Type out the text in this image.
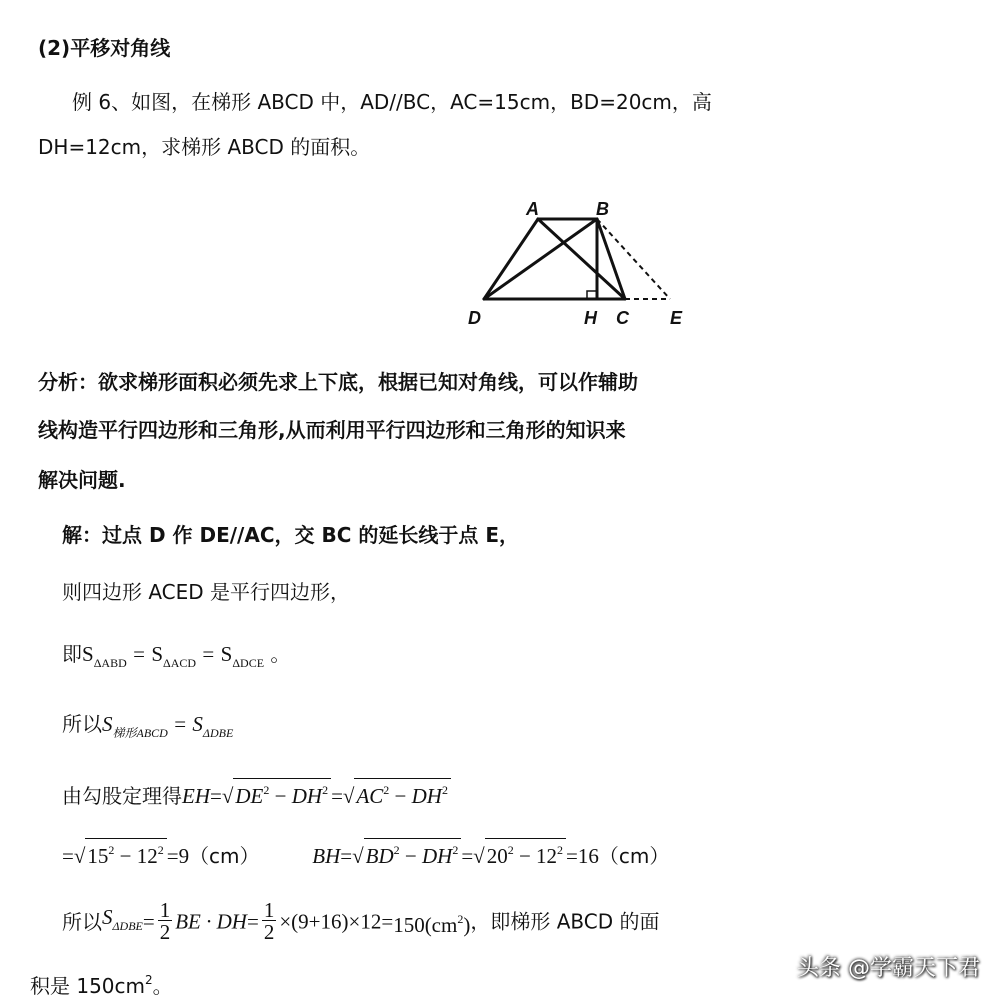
(2)平移对角线
例 6、如图，在梯形 ABCD 中，AD//BC，AC=15cm，BD=20cm，高
DH=12cm，求梯形 ABCD 的面积。
A	B
D	H C E
分析：欲求梯形面积必须先求上下底，根据已知对角线，可以作辅助
线构造平行四边形和三角形,从而利用平行四边形和三角形的知识来
解决问题.
解：过点 D 作 DE//AC，交 BC 的延长线于点 E，
则四边形 ACED 是平行四边形，
即$S_{\Delta ABD} = S_{\Delta ACD} = S_{\Delta DCE}$ 。
所以$S_{梯形ABCD} = S_{\Delta DBE}$
由勾股定理得$EH=√DE^2 - DH^2 =√AC^2 - DH^2$
$=√15^2 - 12^2 =9(cm)$	$BH=√BD^2 - DH^2 =√20^2 - 12^2 =16(cm)$
所以$S_{\Delta DBE}= \frac{1}{2}$ BE · $DH= \frac{1}{2} \times(9+16)\times 12=150(cm^2)$，即梯形 ABCD 的面
积是 $150cm^2$。
头条 @学霸天下君
